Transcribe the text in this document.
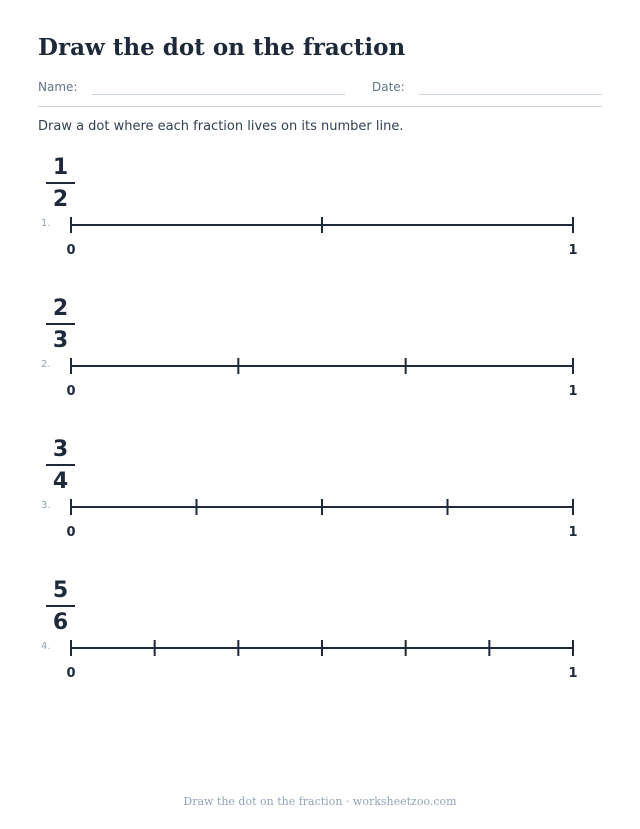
Draw the dot on the fraction
Name:	Date:
Draw a dot where each fraction lives on its number line.
1
2
1.
0	1
2
3
2.
0	1
3
4
3.
0	1
5
6
4.
0	1
Draw the dot on the fraction · worksheetzoo.com
